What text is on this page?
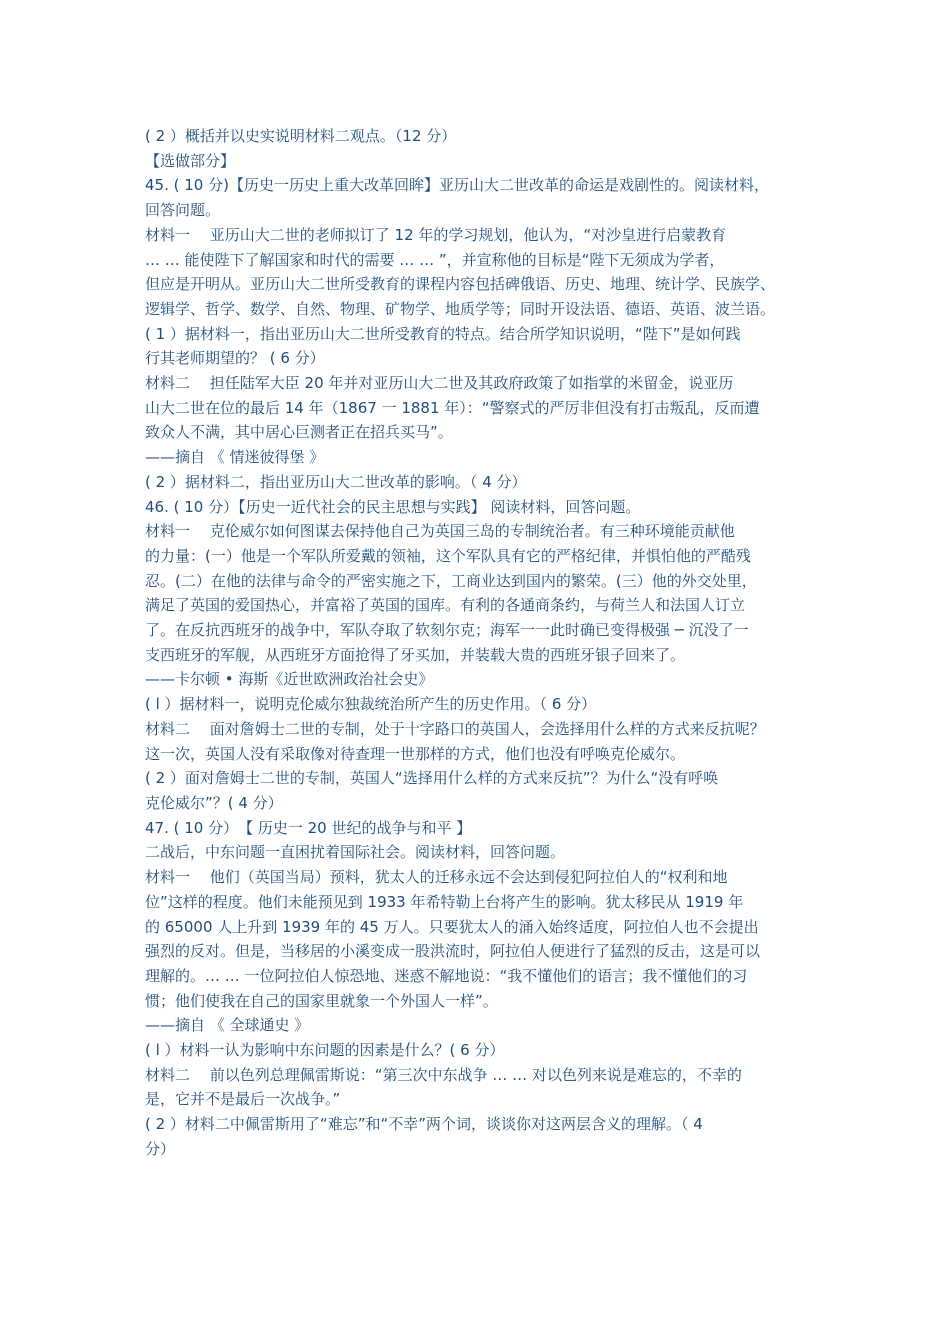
( 2 ）概括并以史实说明材料二观点。（12 分）

【选做部分】

45. ( 10 分)【历史一历史上重大改革回眸】亚历山大二世改革的命运是戏剧性的。阅读材料，

回答问题。

材料一　 亚历山大二世的老师拟订了 12 年的学习规划，他认为，“对沙皇进行启蒙教育

… … 能使陛下了解国家和时代的需要 … … ”，并宣称他的目标是“陛下无须成为学者，

但应是开明从。亚历山大二世所受教育的课程内容包括碑俄语、历史、地理、统计学、民族学、

逻辑学、哲学、数学、自然、物理、矿物学、地质学等；同时开设法语、德语、英语、波兰语。

( 1 ）据材料一，指出亚历山大二世所受教育的特点。结合所学知识说明，“陛下”是如何践

行其老师期望的？ ( 6 分）

材料二　 担任陆军大臣 20 年并对亚历山大二世及其政府政策了如指掌的米留金，说亚历

山大二世在位的最后 14 年（1867 一 1881 年）：“警察式的严厉非但没有打击叛乱，反而遭

致众人不满，其中居心巨测者正在招兵买马”。

——摘自 《 情迷彼得堡 》

( 2 ）据材料二，指出亚历山大二世改革的影响。（ 4 分）

46. ( 10 分）【历史一近代社会的民主思想与实践】 阅读材料，回答问题。

材料一　 克伦威尔如何图谋去保持他自己为英国三岛的专制统治者。有三种环境能贡献他

的力量：(一）他是一个军队所爱戴的领袖，这个军队具有它的严格纪律，并惧怕他的严酷残

忍。(二）在他的法律与命令的严密实施之下，工商业达到国内的繁荣。(三）他的外交处里，

满足了英国的爱国热心，并富裕了英国的国库。有利的各通商条约，与荷兰人和法国人订立

了。在反抗西班牙的战争中，军队夺取了软刻尔克；海军一一此时确已变得极强 ─ 沉没了一

支西班牙的军舰，从西班牙方面抢得了牙买加，并装载大贵的西班牙银子回来了。

——卡尔顿 • 海斯《近世欧洲政治社会史》

( l ）据材料一，说明克伦威尔独裁统治所产生的历史作用。（ 6 分）

材料二　 面对詹姆士二世的专制，处于十字路口的英国人，会选择用什么样的方式来反抗呢？

这一次，英国人没有采取像对待查理一世那样的方式，他们也没有呼唤克伦威尔。

( 2 ）面对詹姆士二世的专制，英国人“选择用什么样的方式来反抗”？为什么“没有呼唤

克伦威尔”？( 4 分）

47. ( 10 分）　【 历史一 20 世纪的战争与和平 】

二战后，中东问题一直困扰着国际社会。阅读材料，回答问题。

材料一　 他们（英国当局）预料，犹太人的迁移永远不会达到侵犯阿拉伯人的“权利和地

位”这样的程度。他们未能预见到 1933 年希特勒上台将产生的影响。犹太移民从 1919 年

的 65000 人上升到 1939 年的 45 万人。只要犹太人的涌入始终适度，阿拉伯人也不会提出

强烈的反对。但是，当移居的小溪变成一股洪流时，阿拉伯人便进行了猛烈的反击，这是可以

理解的。… … 一位阿拉伯人惊恐地、迷惑不解地说：“我不懂他们的语言；我不懂他们的习

惯；他们使我在自己的国家里就象一个外国人一样”。

——摘自 《 全球通史 》

( l ）材料一认为影响中东问题的因素是什么？( 6 分）

材料二　 前以色列总理佩雷斯说：“第三次中东战争 … … 对以色列来说是难忘的，不幸的

是，它并不是最后一次战争。”

( 2 ）材料二中佩雷斯用了“难忘”和“不幸”两个词，谈谈你对这两层含义的理解。（ 4

分）
